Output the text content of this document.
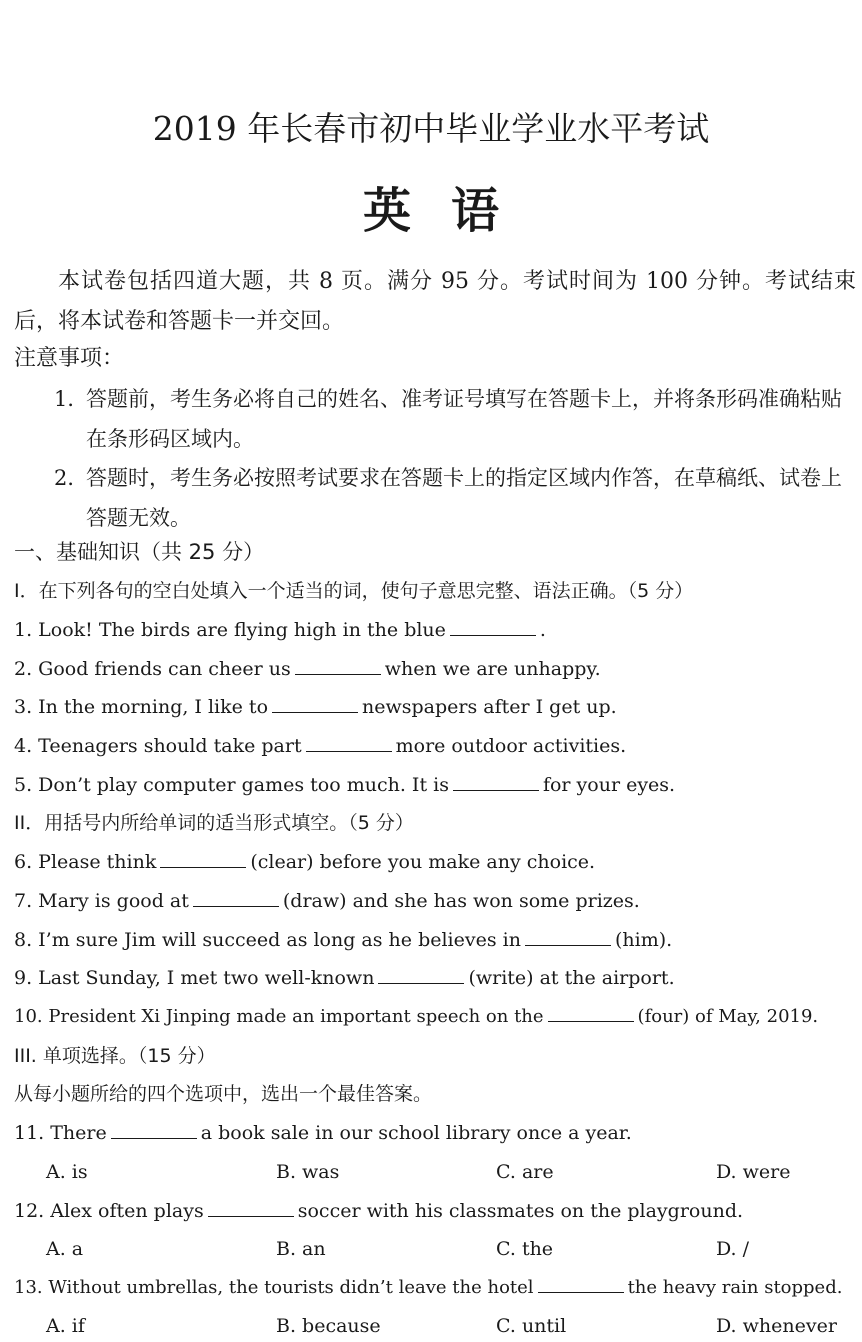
2019 年长春市初中毕业学业水平考试
英语
本试卷包括四道大题，共 8 页。满分 95 分。考试时间为 100 分钟。考试结束后，将本试卷和答题卡一并交回。
注意事项：
1．
答题前，考生务必将自己的姓名、准考证号填写在答题卡上，并将条形码准确粘贴在条形码区域内。
2．
答题时，考生务必按照考试要求在答题卡上的指定区域内作答，在草稿纸、试卷上答题无效。
一、基础知识（共 25 分）
I．在下列各句的空白处填入一个适当的词，使句子意思完整、语法正确。（5 分）
1. Look! The birds are flying high in the blue	.
2. Good friends can cheer us	when we are unhappy.
3. In the morning, I like to	newspapers after I get up.
4. Teenagers should take part	more outdoor activities.
5. Don’t play computer games too much. It is	for your eyes.
II．用括号内所给单词的适当形式填空。（5 分）
6. Please think	(clear) before you make any choice.
7. Mary is good at	(draw) and she has won some prizes.
8. I’m sure Jim will succeed as long as he believes in	(him).
9. Last Sunday, I met two well-known	(write) at the airport.
10. President Xi Jinping made an important speech on the	(four) of May, 2019.
III. 单项选择。（15 分）
从每小题所给的四个选项中，选出一个最佳答案。
11. There	a book sale in our school library once a year.
A. is	B. was	C. are	D. were
12. Alex often plays	soccer with his classmates on the playground.
A. a	B. an	C. the	D. /
13. Without umbrellas, the tourists didn’t leave the hotel	the heavy rain stopped.
A. if	B. because	C. until	D. whenever
